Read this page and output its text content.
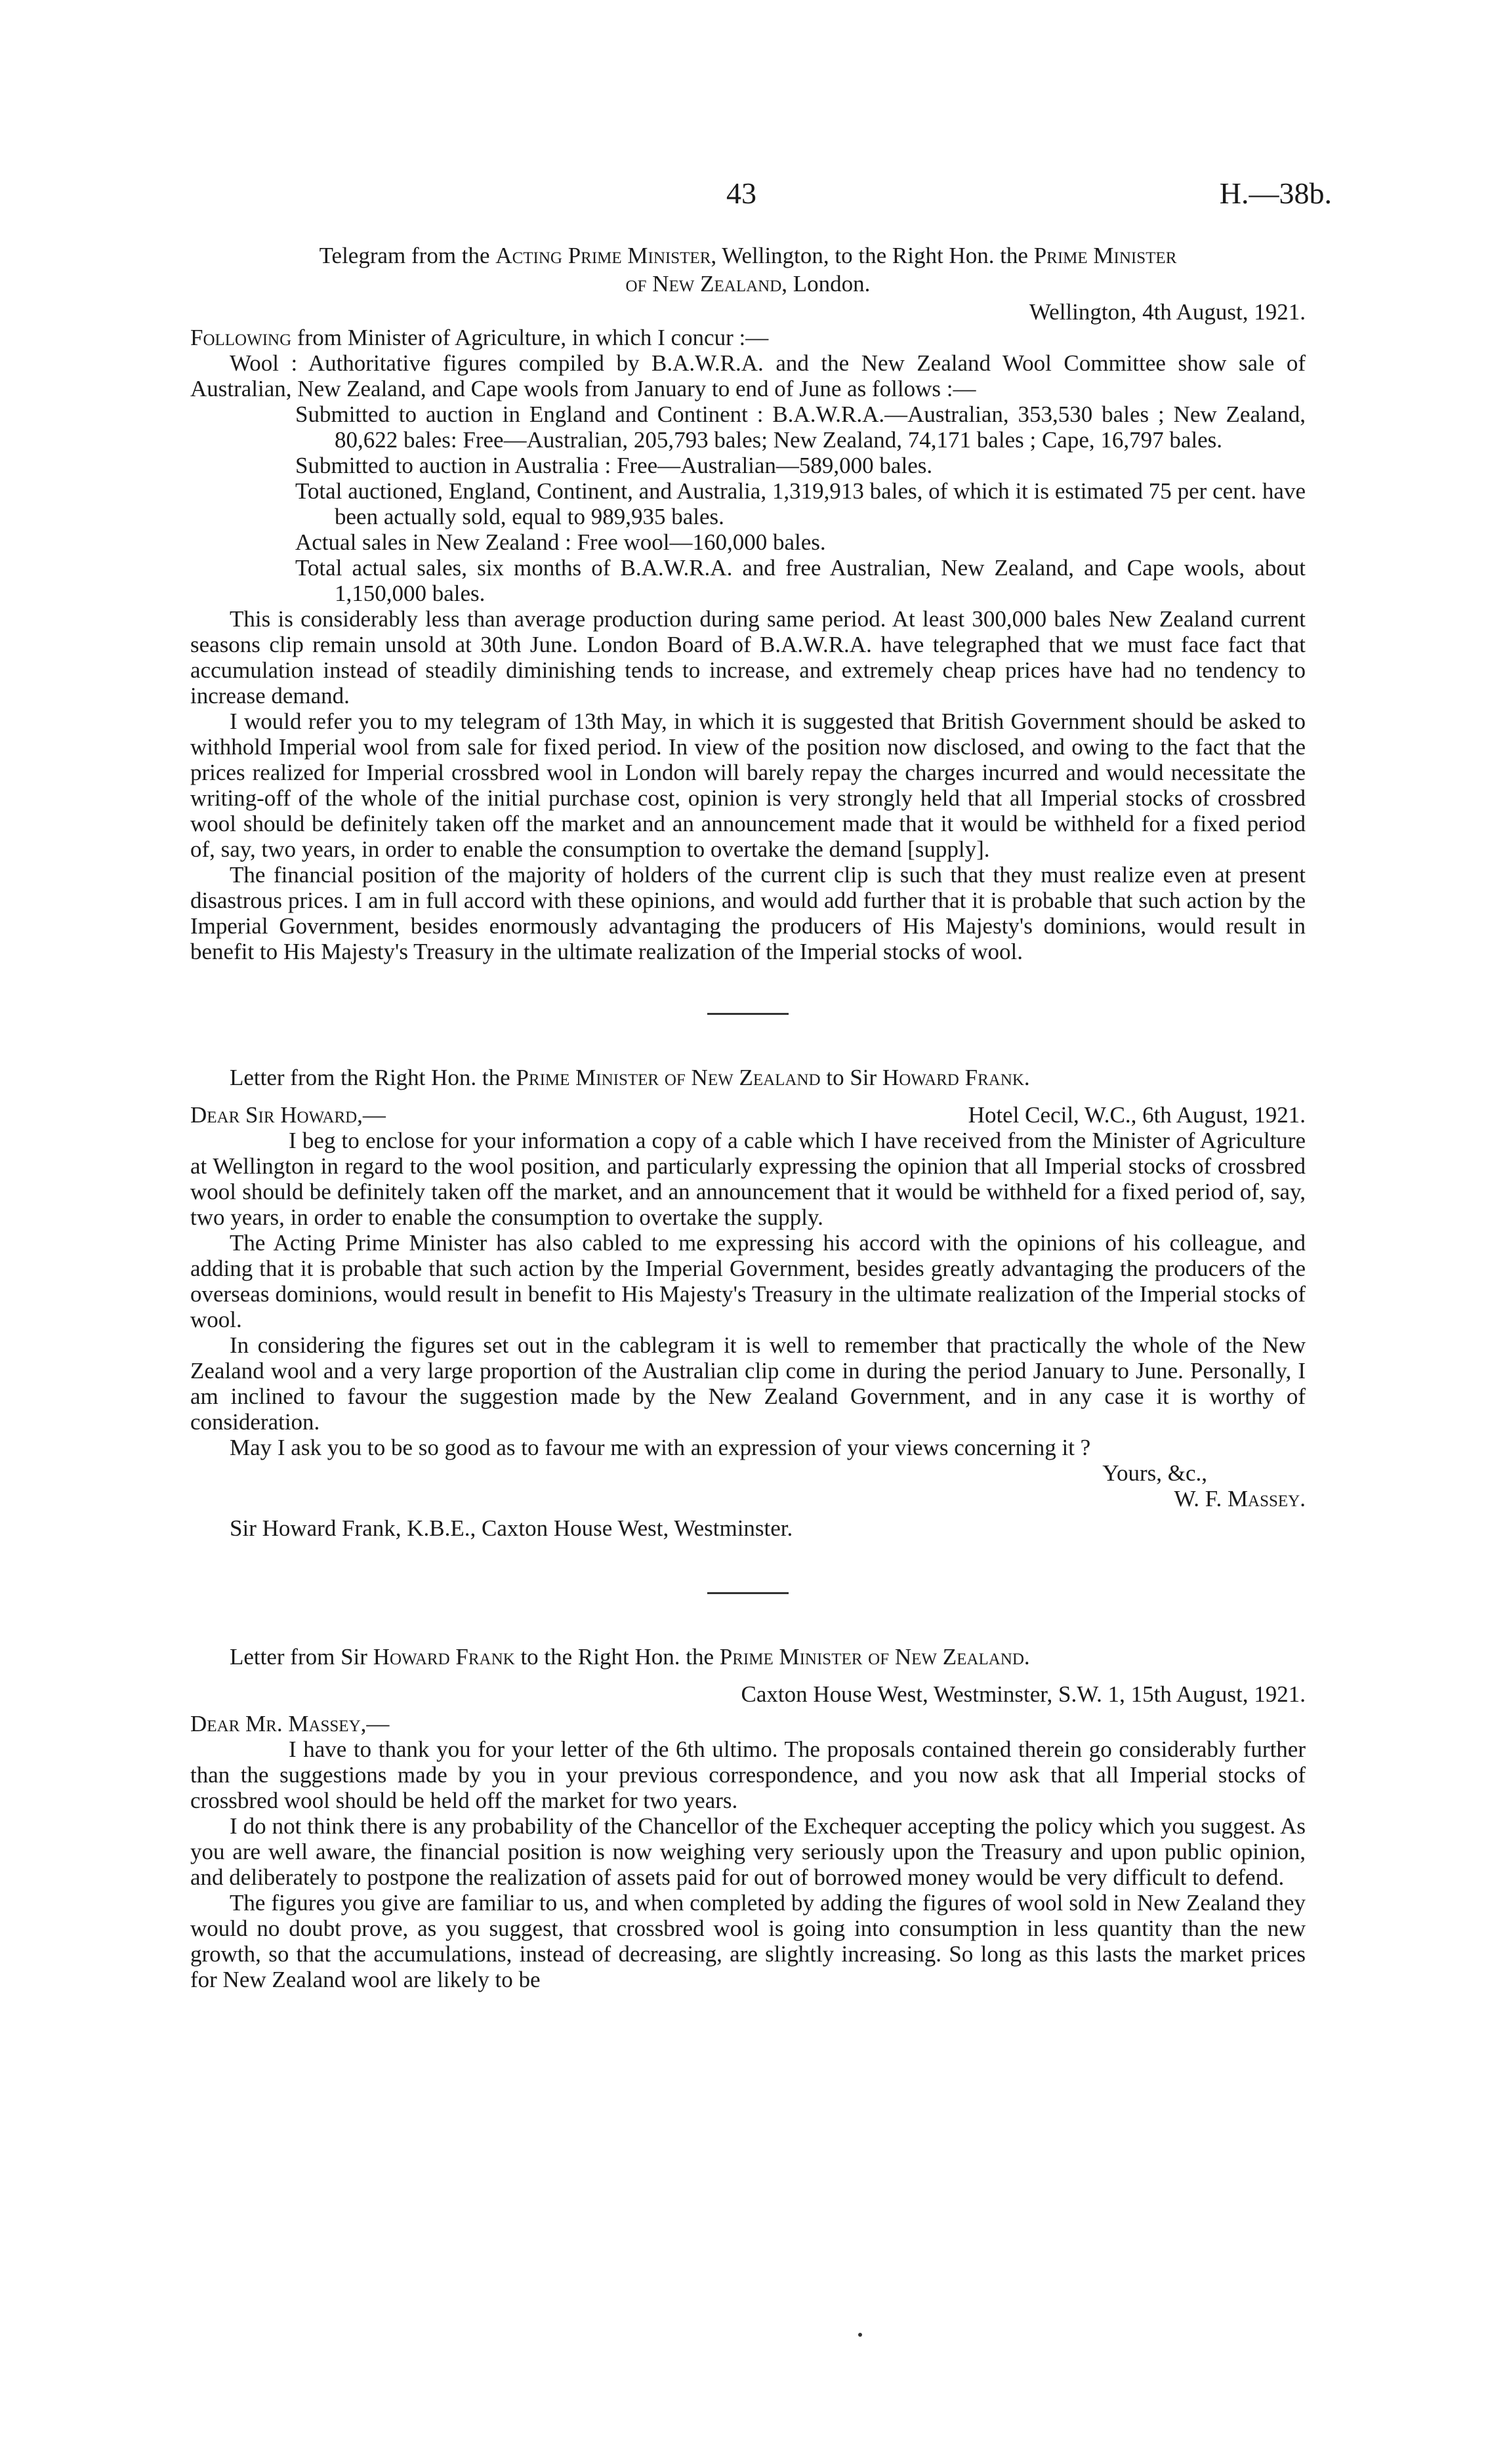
43	H.—38b.
Telegram from the Acting Prime Minister, Wellington, to the Right Hon. the Prime Minister
of New Zealand, London.
Wellington, 4th August, 1921.

Following from Minister of Agriculture, in which I concur :—

Wool : Authoritative figures compiled by B.A.W.R.A. and the New Zealand Wool Committee show sale of Australian, New Zealand, and Cape wools from January to end of June as follows :—

Submitted to auction in England and Continent : B.A.W.R.A.—Australian, 353,530 bales ; New Zealand, 80,622 bales: Free—Australian, 205,793 bales; New Zealand, 74,171 bales ; Cape, 16,797 bales.

Submitted to auction in Australia : Free—Australian—589,000 bales.

Total auctioned, England, Continent, and Australia, 1,319,913 bales, of which it is estimated 75 per cent. have been actually sold, equal to 989,935 bales.

Actual sales in New Zealand : Free wool—160,000 bales.

Total actual sales, six months of B.A.W.R.A. and free Australian, New Zealand, and Cape wools, about 1,150,000 bales.

This is considerably less than average production during same period. At least 300,000 bales New Zealand current seasons clip remain unsold at 30th June. London Board of B.A.W.R.A. have telegraphed that we must face fact that accumulation instead of steadily diminishing tends to increase, and extremely cheap prices have had no tendency to increase demand.

I would refer you to my telegram of 13th May, in which it is suggested that British Government should be asked to withhold Imperial wool from sale for fixed period. In view of the position now disclosed, and owing to the fact that the prices realized for Imperial crossbred wool in London will barely repay the charges incurred and would necessitate the writing-off of the whole of the initial purchase cost, opinion is very strongly held that all Imperial stocks of crossbred wool should be definitely taken off the market and an announcement made that it would be withheld for a fixed period of, say, two years, in order to enable the consumption to overtake the demand [supply].

The financial position of the majority of holders of the current clip is such that they must realize even at present disastrous prices. I am in full accord with these opinions, and would add further that it is probable that such action by the Imperial Government, besides enormously advantaging the producers of His Majesty's dominions, would result in benefit to His Majesty's Treasury in the ultimate realization of the Imperial stocks of wool.

Letter from the Right Hon. the Prime Minister of New Zealand to Sir Howard Frank.
Dear Sir Howard,—	Hotel Cecil, W.C., 6th August, 1921.

I beg to enclose for your information a copy of a cable which I have received from the Minister of Agriculture at Wellington in regard to the wool position, and particularly expressing the opinion that all Imperial stocks of crossbred wool should be definitely taken off the market, and an announcement that it would be withheld for a fixed period of, say, two years, in order to enable the consumption to overtake the supply.

The Acting Prime Minister has also cabled to me expressing his accord with the opinions of his colleague, and adding that it is probable that such action by the Imperial Government, besides greatly advantaging the producers of the overseas dominions, would result in benefit to His Majesty's Treasury in the ultimate realization of the Imperial stocks of wool.

In considering the figures set out in the cablegram it is well to remember that practically the whole of the New Zealand wool and a very large proportion of the Australian clip come in during the period January to June. Personally, I am inclined to favour the suggestion made by the New Zealand Government, and in any case it is worthy of consideration.

May I ask you to be so good as to favour me with an expression of your views concerning it ?

Yours, &c.,
W. F. Massey.
Sir Howard Frank, K.B.E., Caxton House West, Westminster.
Letter from Sir Howard Frank to the Right Hon. the Prime Minister of New Zealand.
Caxton House West, Westminster, S.W. 1, 15th August, 1921.
Dear Mr. Massey,—

I have to thank you for your letter of the 6th ultimo. The proposals contained therein go considerably further than the suggestions made by you in your previous correspondence, and you now ask that all Imperial stocks of crossbred wool should be held off the market for two years.

I do not think there is any probability of the Chancellor of the Exchequer accepting the policy which you suggest. As you are well aware, the financial position is now weighing very seriously upon the Treasury and upon public opinion, and deliberately to postpone the realization of assets paid for out of borrowed money would be very difficult to defend.

The figures you give are familiar to us, and when completed by adding the figures of wool sold in New Zealand they would no doubt prove, as you suggest, that crossbred wool is going into consumption in less quantity than the new growth, so that the accumulations, instead of decreasing, are slightly increasing. So long as this lasts the market prices for New Zealand wool are likely to be
